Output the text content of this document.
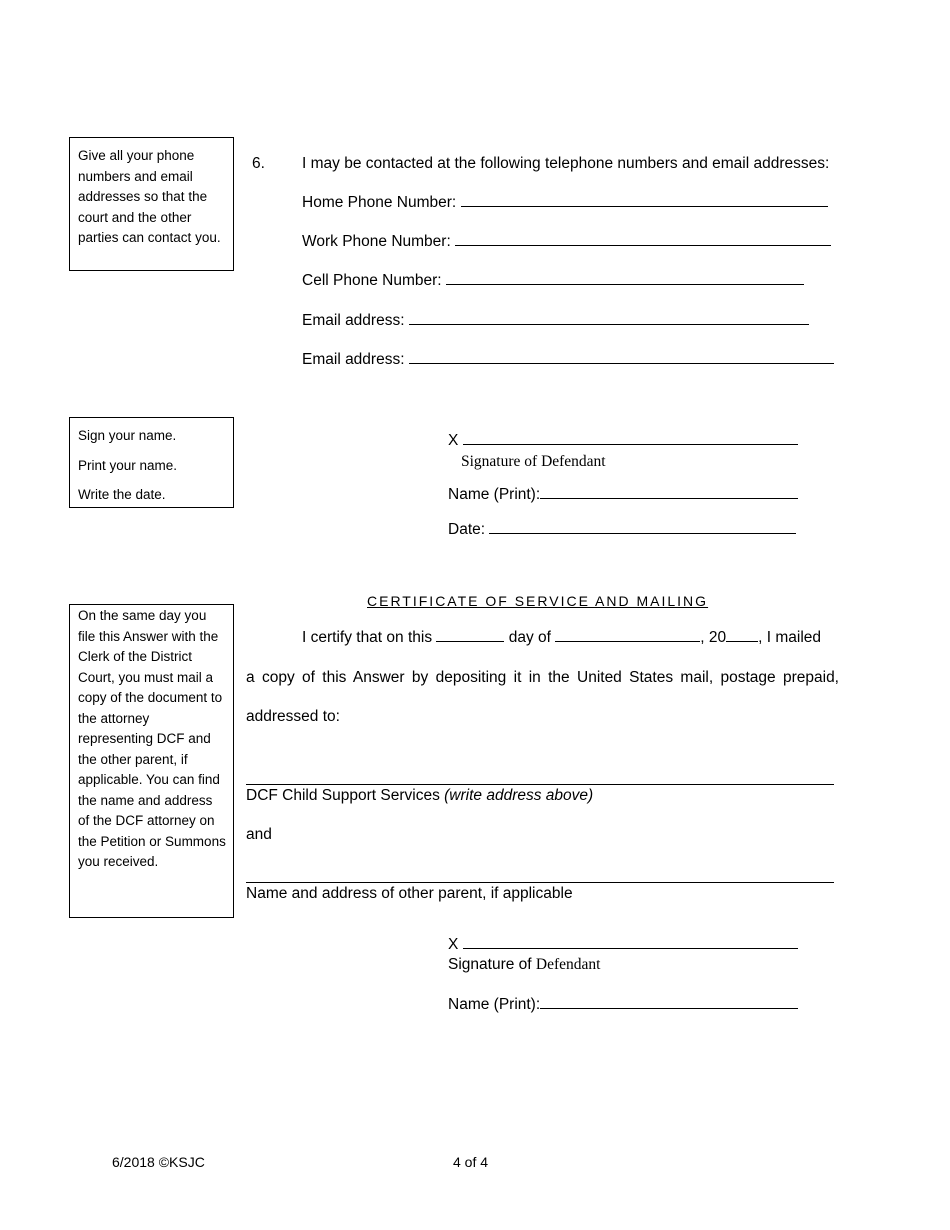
Give all your phone numbers and email addresses so that the court and the other parties can contact you.

Sign your name.

Print your name.

Write the date.

On the same day you file this Answer with the Clerk of the District Court, you must mail a copy of the document to the attorney representing DCF and the other parent, if applicable. You can find the name and address of the DCF attorney on the Petition or Summons you received.

6. I may be contacted at the following telephone numbers and email addresses:
Home Phone Number:
Work Phone Number:
Cell Phone Number:
Email address:
Email address:
X
Signature of Defendant
Name (Print):
Date:
CERTIFICATE OF SERVICE AND MAILING
I certify that on this	day of	, 20 , I mailed
a copy of this Answer by depositing it in the United States mail, postage prepaid,
addressed to:
DCF Child Support Services (write address above)
and
Name and address of other parent, if applicable
X
Signature of Defendant
Name (Print):
6/2018 ©KSJC	4 of 4
